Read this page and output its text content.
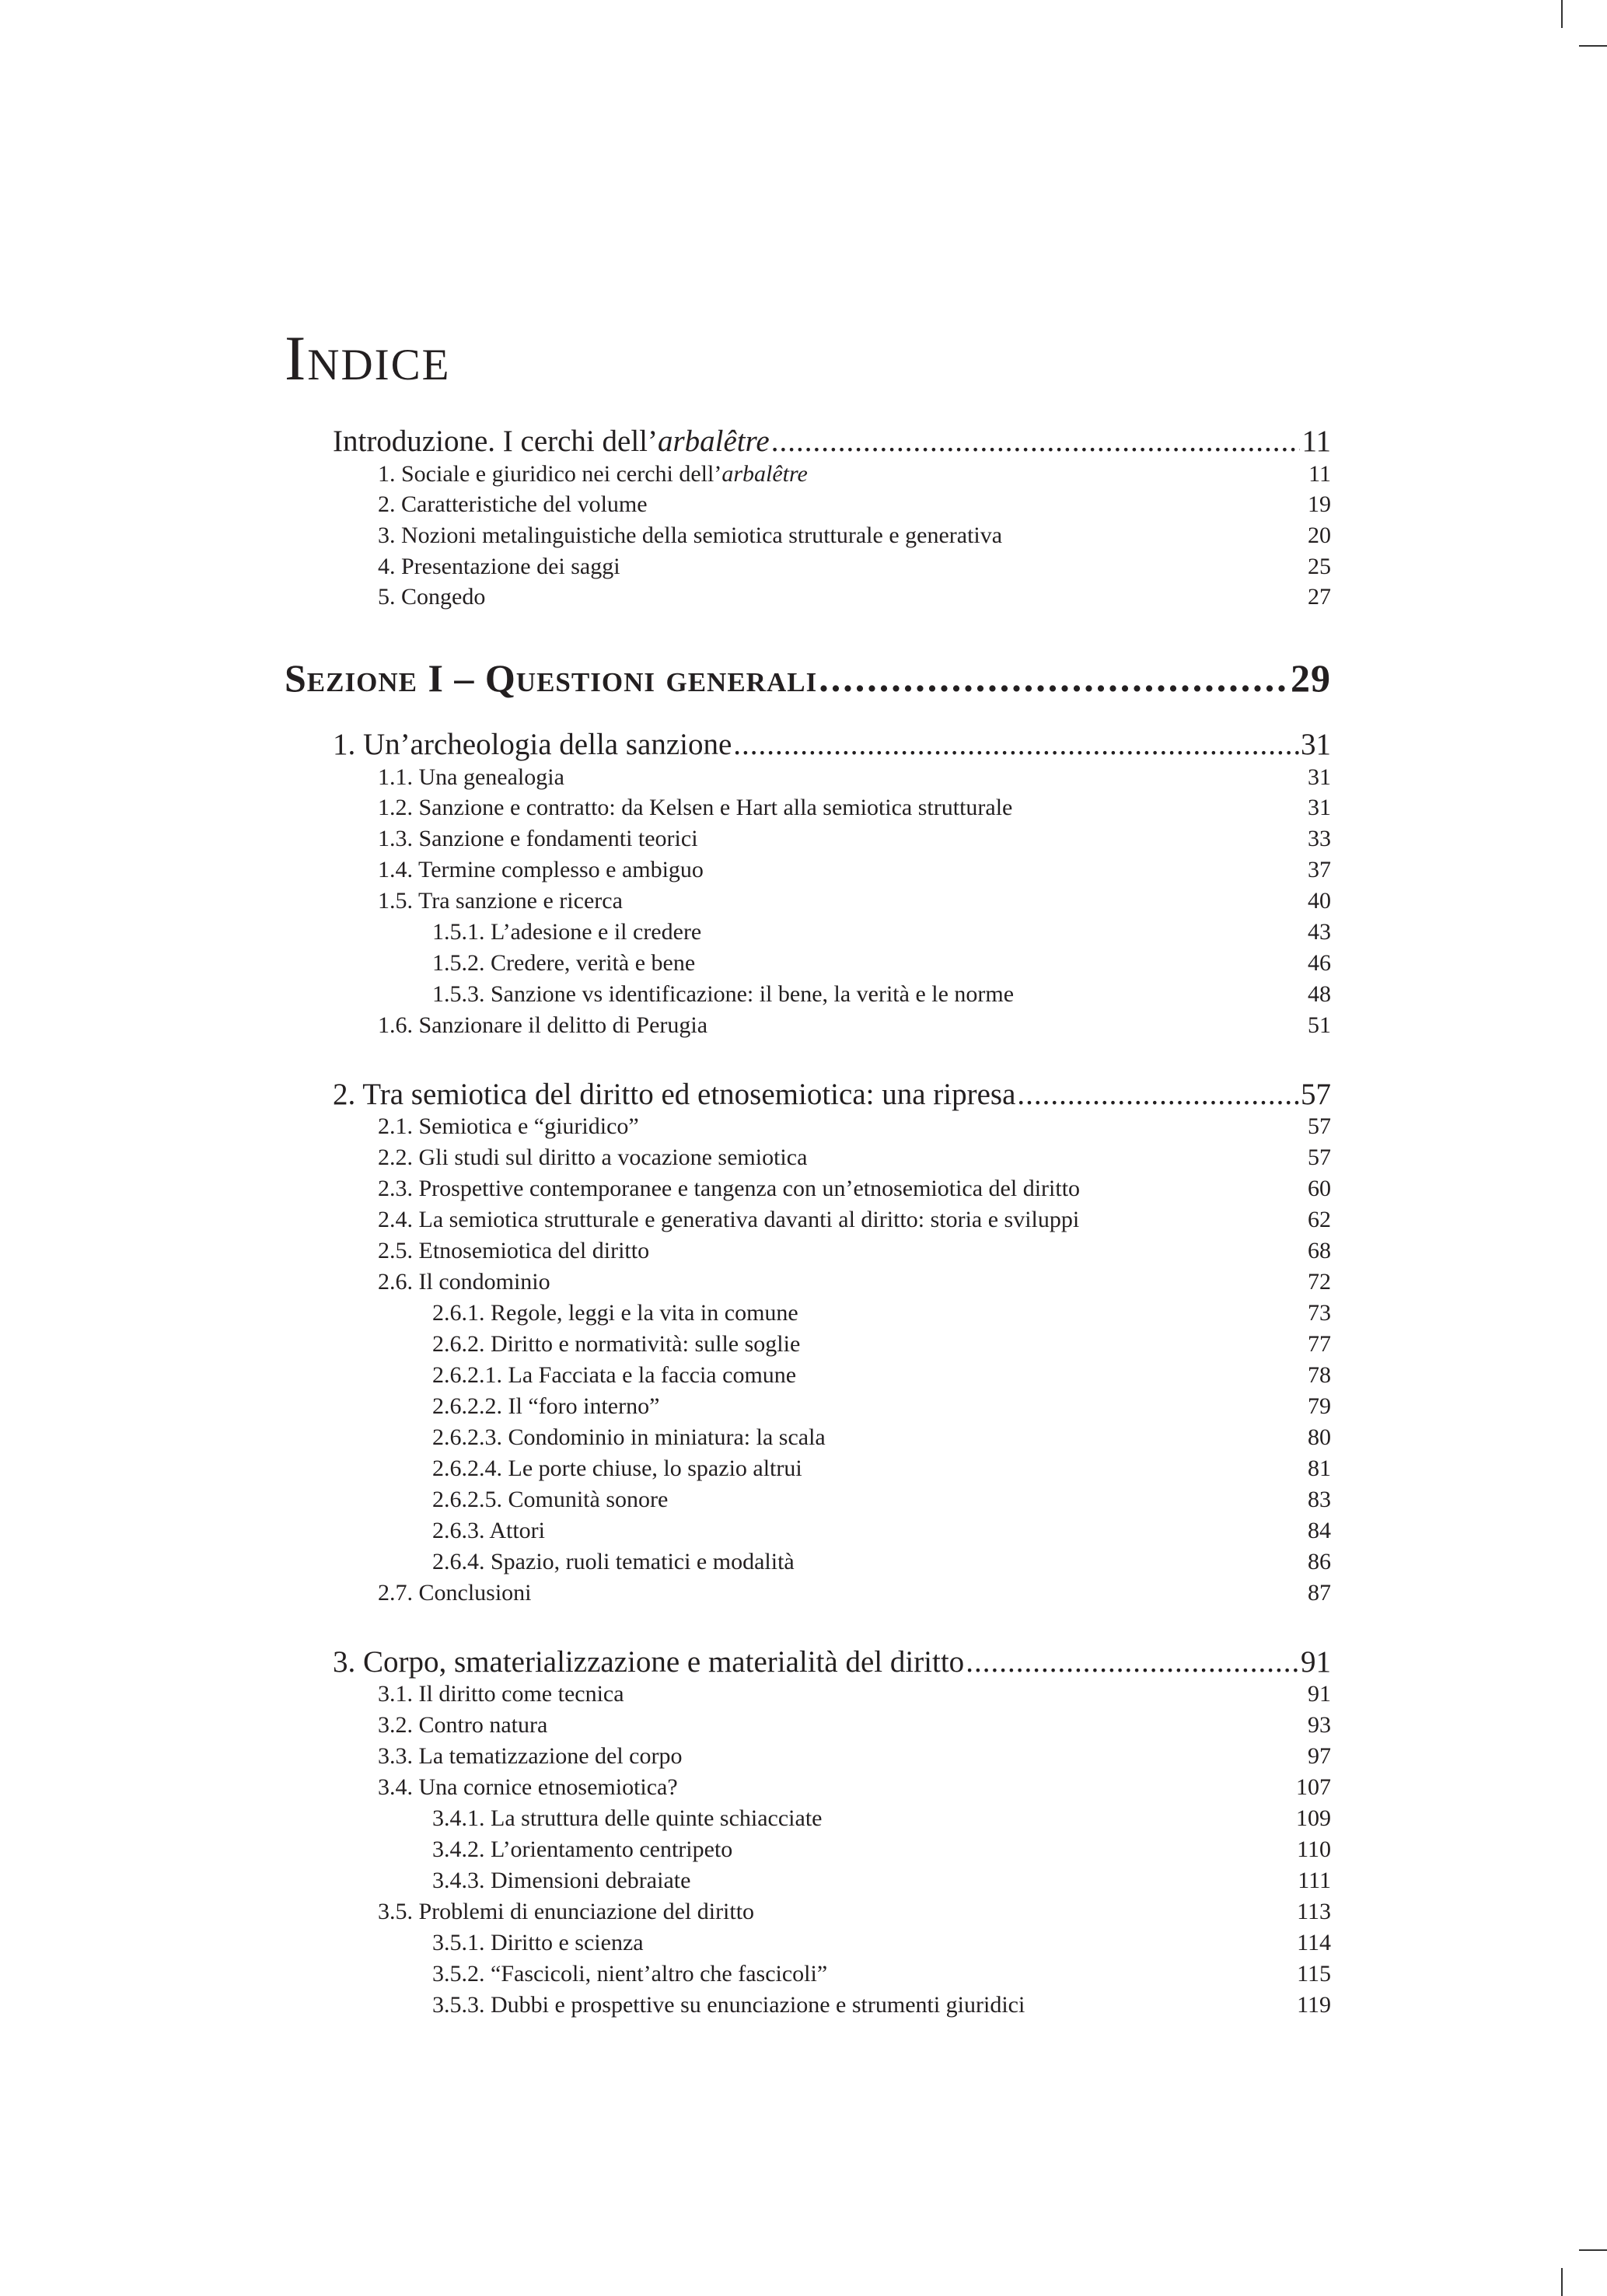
Indice
Introduzione. I cerchi dell’ arbalêtre .....	11
1. Sociale e giuridico nei cerchi dell’ arbalêtre	11
2. Caratteristiche del volume	19
3. Nozioni metalinguistiche della semiotica strutturale e generativa	20
4. Presentazione dei saggi	25
5. Congedo	27
Sezione I – Questioni generali .....	29
1. Un’archeologia della sanzione .....	31
1.1. Una genealogia	31
1.2. Sanzione e contratto: da Kelsen e Hart alla semiotica strutturale	31
1.3. Sanzione e fondamenti teorici	33
1.4. Termine complesso e ambiguo	37
1.5. Tra sanzione e ricerca	40
1.5.1. L’adesione e il credere	43
1.5.2. Credere, verità e bene	46
1.5.3. Sanzione vs identificazione: il bene, la verità e le norme	48
1.6. Sanzionare il delitto di Perugia	51
2. Tra semiotica del diritto ed etnosemiotica: una ripresa .....	57
2.1. Semiotica e “giuridico”	57
2.2. Gli studi sul diritto a vocazione semiotica	57
2.3. Prospettive contemporanee e tangenza con un’etnosemiotica del diritto	60
2.4. La semiotica strutturale e generativa davanti al diritto: storia e sviluppi	62
2.5. Etnosemiotica del diritto	68
2.6. Il condominio	72
2.6.1. Regole, leggi e la vita in comune	73
2.6.2. Diritto e normatività: sulle soglie	77
2.6.2.1. La Facciata e la faccia comune	78
2.6.2.2. Il “foro interno”	79
2.6.2.3. Condominio in miniatura: la scala	80
2.6.2.4. Le porte chiuse, lo spazio altrui	81
2.6.2.5. Comunità sonore	83
2.6.3. Attori	84
2.6.4. Spazio, ruoli tematici e modalità	86
2.7. Conclusioni	87
3. Corpo, smaterializzazione e materialità del diritto .....	91
3.1. Il diritto come tecnica	91
3.2. Contro natura	93
3.3. La tematizzazione del corpo	97
3.4. Una cornice etnosemiotica?	107
3.4.1. La struttura delle quinte schiacciate	109
3.4.2. L’orientamento centripeto	110
3.4.3. Dimensioni debraiate	111
3.5. Problemi di enunciazione del diritto	113
3.5.1. Diritto e scienza	114
3.5.2. “Fascicoli, nient’altro che fascicoli”	115
3.5.3. Dubbi e prospettive su enunciazione e strumenti giuridici	119
